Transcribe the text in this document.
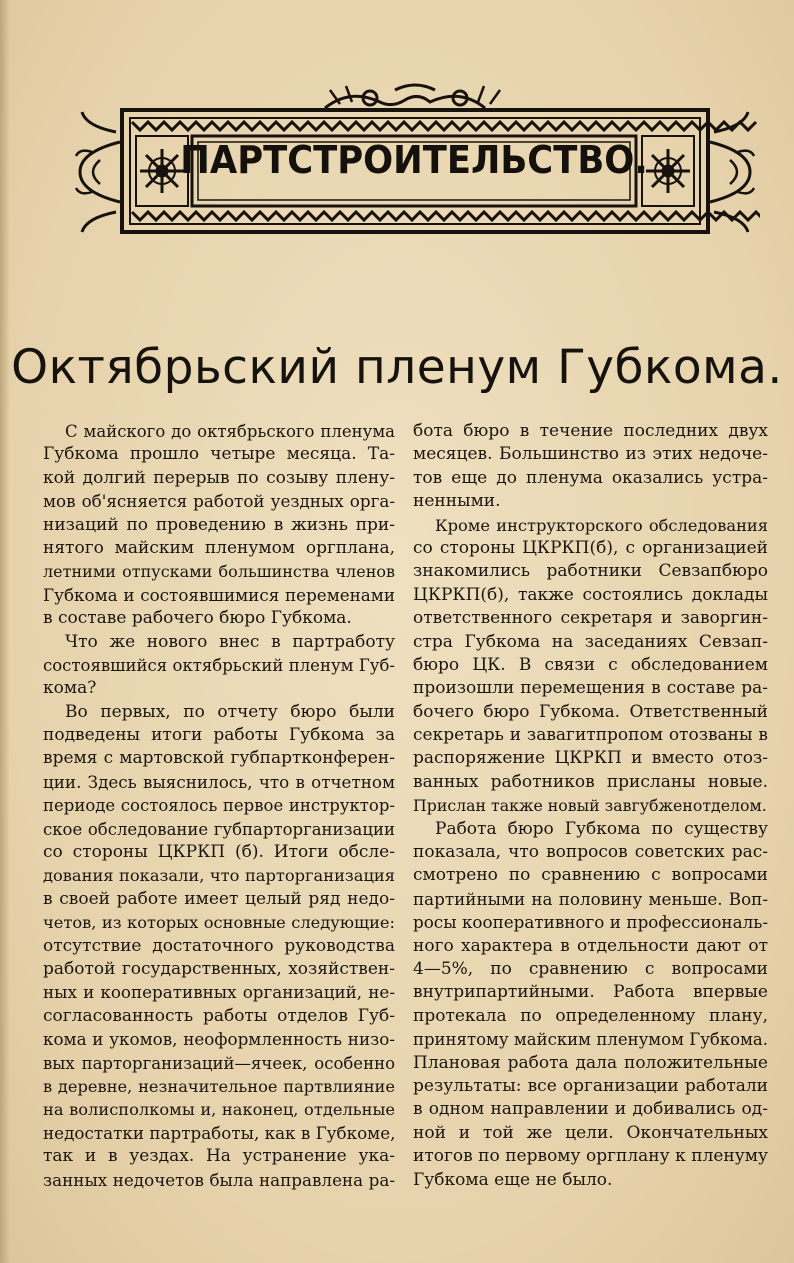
ПАРТСТРОИТЕЛЬСТВО.
Октябрьский пленум Губкома.
С майского до октябрьского пленума
Губкома прошло четыре месяца. Та-
кой долгий перерыв по созыву плену-
мов об'ясняется работой уездных орга-
низаций по проведению в жизнь при-
нятого майским пленумом оргплана,
летними отпусками большинства членов
Губкома и состоявшимися переменами
в составе рабочего бюро Губкома.
Что же нового внес в партработу
состоявшийся октябрьский пленум Губ-
кома?
Во первых, по отчету бюро были
подведены итоги работы Губкома за
время с мартовской губпартконферен-
ции. Здесь выяснилось, что в отчетном
периоде состоялось первое инструктор-
ское обследование губпарторганизации
со стороны ЦКРКП (б). Итоги обсле-
дования показали, что парторганизация
в своей работе имеет целый ряд недо-
четов, из которых основные следующие:
отсутствие достаточного руководства
работой государственных, хозяйствен-
ных и кооперативных организаций, не-
согласованность работы отделов Губ-
кома и укомов, неоформленность низо-
вых парторганизаций—ячеек, особенно
в деревне, незначительное партвлияние
на волисполкомы и, наконец, отдельные
недостатки партработы, как в Губкоме,
так и в уездах. На устранение ука-
занных недочетов была направлена ра-
бота бюро в течение последних двух
месяцев. Большинство из этих недоче-
тов еще до пленума оказались устра-
ненными.
Кроме инструкторского обследования
со стороны ЦКРКП(б), с организацией
знакомились работники Севзапбюро
ЦКРКП(б), также состоялись доклады
ответственного секретаря и заворгин-
стра Губкома на заседаниях Севзап-
бюро ЦК. В связи с обследованием
произошли перемещения в составе ра-
бочего бюро Губкома. Ответственный
секретарь и завагитпропом отозваны в
распоряжение ЦКРКП и вместо отоз-
ванных работников присланы новые.
Прислан также новый завгубженотделом.
Работа бюро Губкома по существу
показала, что вопросов советских рас-
смотрено по сравнению с вопросами
партийными на половину меньше. Воп-
росы кооперативного и профессиональ-
ного характера в отдельности дают от
4—5%, по сравнению с вопросами
внутрипартийными. Работа впервые
протекала по определенному плану,
принятому майским пленумом Губкома.
Плановая работа дала положительные
результаты: все организации работали
в одном направлении и добивались од-
ной и той же цели. Окончательных
итогов по первому оргплану к пленуму
Губкома еще не было.
